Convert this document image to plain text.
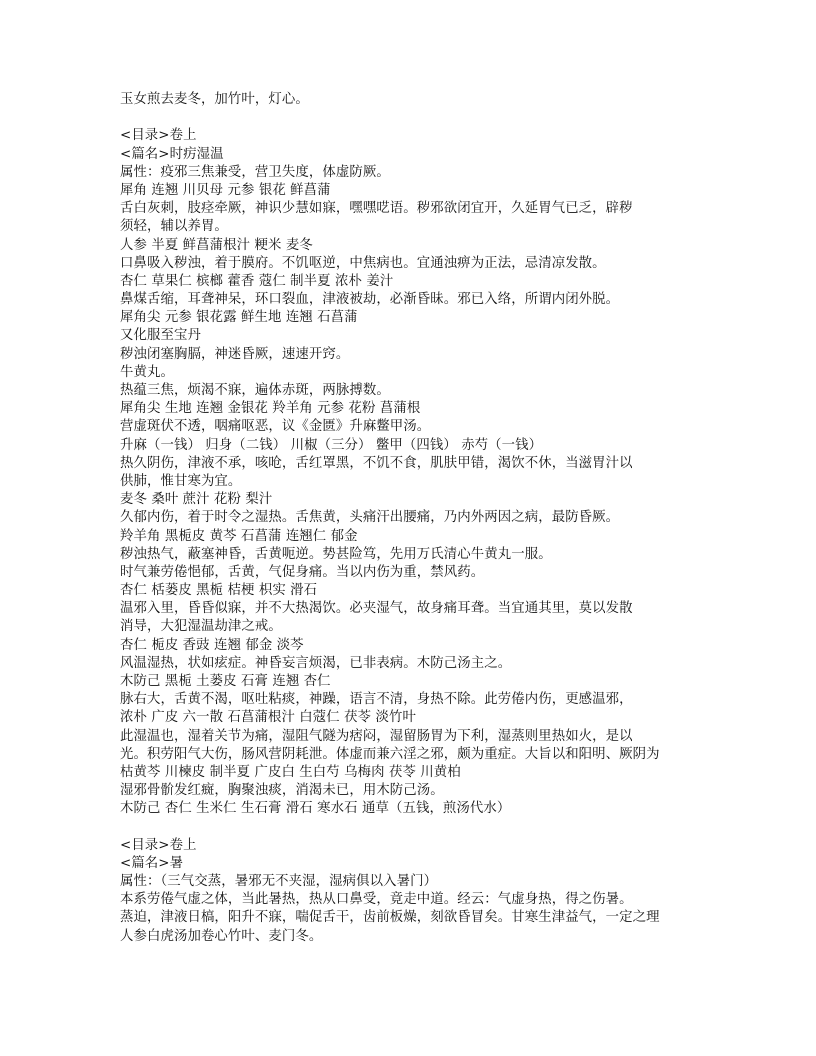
玉女煎去麦冬，加竹叶，灯心。
<目录>卷上
<篇名>时疠湿温
属性：疫邪三焦兼受，营卫失度，体虚防厥。
犀角 连翘 川贝母 元参 银花 鲜菖蒲
舌白灰刺，肢痉牵厥，神识少慧如寐，嘿嘿呓语。秽邪欲闭宜开，久延胃气已乏，辟秽
须轻，辅以养胃。
人参 半夏 鲜菖蒲根汁 粳米 麦冬
口鼻吸入秽浊，着于膜府。不饥呕逆，中焦病也。宜通浊痹为正法，忌清凉发散。
杏仁 草果仁 槟榔 藿香 蔻仁 制半夏 浓朴 姜汁
鼻煤舌缩，耳聋神呆，环口裂血，津液被劫，必渐昏昧。邪已入络，所谓内闭外脱。
犀角尖 元参 银花露 鲜生地 连翘 石菖蒲
又化服至宝丹
秽浊闭塞胸膈，神迷昏厥，速速开窍。
牛黄丸。
热蕴三焦，烦渴不寐，遍体赤斑，两脉搏数。
犀角尖 生地 连翘 金银花 羚羊角 元参 花粉 菖蒲根
营虚斑伏不透，咽痛呕恶，议《金匮》升麻鳖甲汤。
升麻（一钱） 归身（二钱） 川椒（三分） 鳖甲（四钱） 赤芍（一钱）
热久阴伤，津液不承，咳呛，舌红罩黑，不饥不食，肌肤甲错，渴饮不休，当滋胃汁以
供肺，惟甘寒为宜。
麦冬 桑叶 蔗汁 花粉 梨汁
久郁内伤，着于时令之湿热。舌焦黄，头痛汗出腰痛，乃内外两因之病，最防昏厥。
羚羊角 黑栀皮 黄芩 石菖蒲 连翘仁 郁金
秽浊热气，蔽塞神昏，舌黄呃逆。势甚险笃，先用万氏清心牛黄丸一服。
时气兼劳倦悒郁，舌黄，气促身痛。当以内伤为重，禁风药。
杏仁 栝蒌皮 黑栀 桔梗 枳实 滑石
温邪入里，昏昏似寐，并不大热渴饮。必夹湿气，故身痛耳聋。当宜通其里，莫以发散
消导，大犯湿温劫津之戒。
杏仁 栀皮 香豉 连翘 郁金 淡芩
风温湿热，状如痃症。神昏妄言烦渴，已非表病。木防己汤主之。
木防己 黑栀 土蒌皮 石膏 连翘 杏仁
脉右大，舌黄不渴，呕吐粘痰，神躁，语言不清，身热不除。此劳倦内伤，更感温邪，
浓朴 广皮 六一散 石菖蒲根汁 白蔻仁 茯苓 淡竹叶
此湿温也，湿着关节为痛，湿阻气隧为痞闷，湿留肠胃为下利，湿蒸则里热如火，是以
光。积劳阳气大伤，肠风营阴耗泄。体虚而兼六淫之邪，颇为重症。大旨以和阳明、厥阴为
枯黄芩 川楝皮 制半夏 广皮白 生白芍 乌梅肉 茯苓 川黄柏
湿邪骨骱发红癍，胸聚浊痰，消渴未已，用木防己汤。
木防己 杏仁 生米仁 生石膏 滑石 寒水石 通草（五钱，煎汤代水）
<目录>卷上
<篇名>暑
属性：（三气交蒸，暑邪无不夹湿，湿病俱以入暑门）
本系劳倦气虚之体，当此暑热，热从口鼻受，竟走中道。经云：气虚身热，得之伤暑。
蒸迫，津液日槁，阳升不寐，喘促舌干，齿前板燥，刻欲昏冒矣。甘寒生津益气，一定之理
人参白虎汤加卷心竹叶、麦门冬。
